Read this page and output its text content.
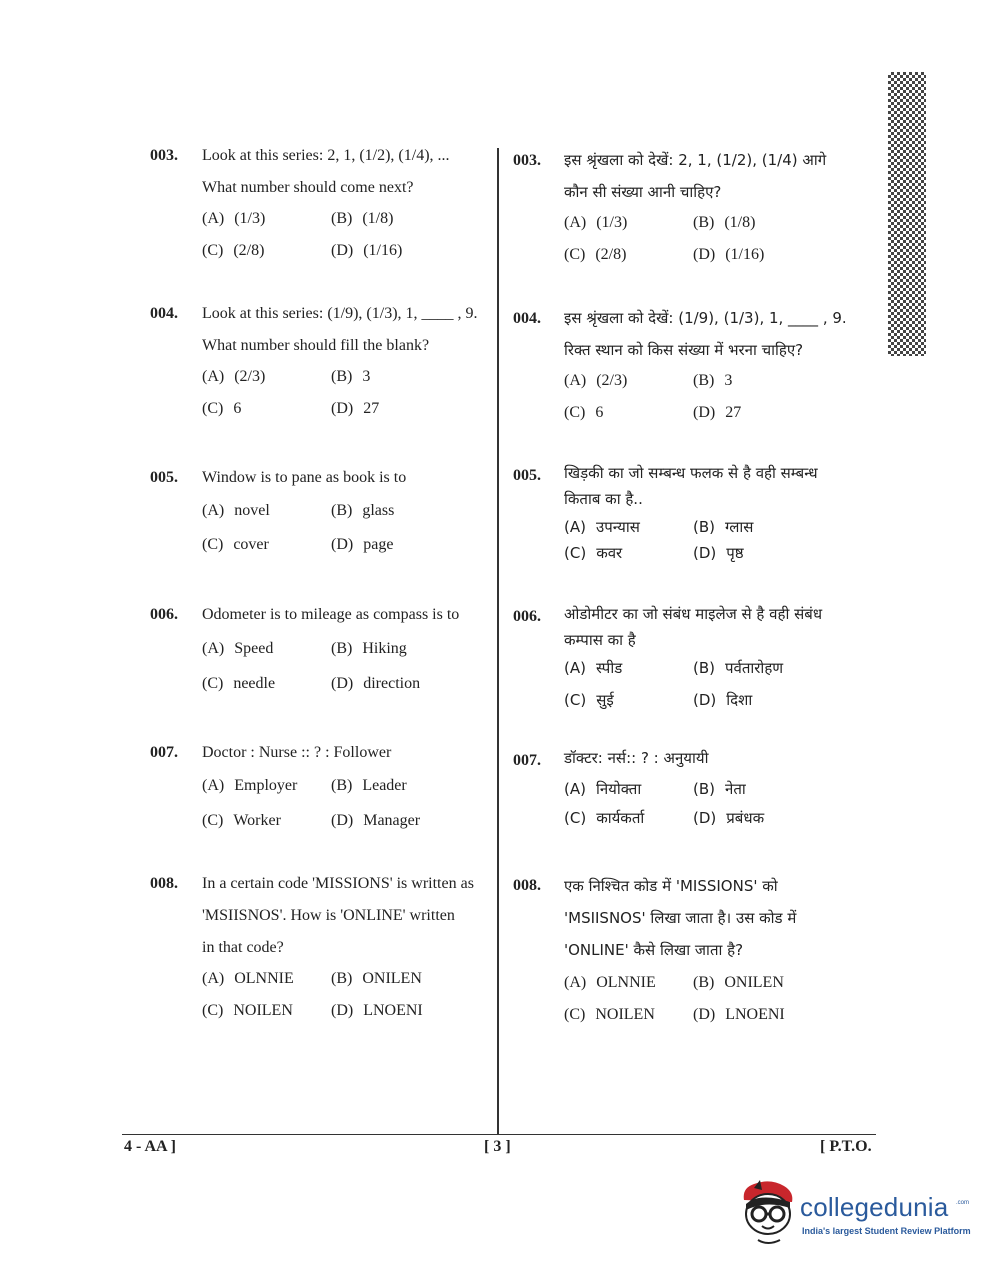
003. Look at this series: 2, 1, (1/2), (1/4), ...
What number should come next?
(A) (1/3)	(B) (1/8)
(C) (2/8)	(D) (1/16)
004. Look at this series: (1/9), (1/3), 1, ____ , 9.
What number should fill the blank?
(A) (2/3)	(B) 3
(C) 6	(D) 27
005. Window is to pane as book is to
(A) novel	(B) glass
(C) cover	(D) page
006. Odometer is to mileage as compass is to
(A) Speed	(B) Hiking
(C) needle	(D) direction
007. Doctor : Nurse :: ? : Follower
(A) Employer (B) Leader
(C) Worker	(D) Manager
008. In a certain code 'MISSIONS' is written as
'MSIISNOS'. How is 'ONLINE' written
in that code?
(A) OLNNIE (B) ONILEN
(C) NOILEN (D) LNOENI
003. इस श्रृंखला को देखें: 2, 1, (1/2), (1/4) आगे
कौन सी संख्या आनी चाहिए?
(A) (1/3)	(B) (1/8)
(C) (2/8)	(D) (1/16)
004. इस श्रृंखला को देखें: (1/9), (1/3), 1, ____ , 9.
रिक्त स्थान को किस संख्या में भरना चाहिए?
(A) (2/3)	(B) 3
(C) 6	(D) 27
005. खिड़की का जो सम्बन्ध फलक से है वही सम्बन्ध
किताब का है..
(A) उपन्यास	(B) ग्लास
(C) कवर	(D) पृष्ठ
006. ओडोमीटर का जो संबंध माइलेज से है वही संबंध
कम्पास का है
(A) स्पीड	(B) पर्वतारोहण
(C) सुई	(D) दिशा
007. डॉक्टर: नर्स:: ? : अनुयायी
(A) नियोक्ता	(B) नेता
(C) कार्यकर्ता	(D) प्रबंधक
008. एक निश्चित कोड में 'MISSIONS' को
'MSIISNOS' लिखा जाता है। उस कोड में
'ONLINE' कैसे लिखा जाता है?
(A) OLNNIE (B) ONILEN
(C) NOILEN (D) LNOENI
4 - AA ]	[ 3 ]	[ P.T.O.
collegedunia .com
India's largest Student Review Platform
